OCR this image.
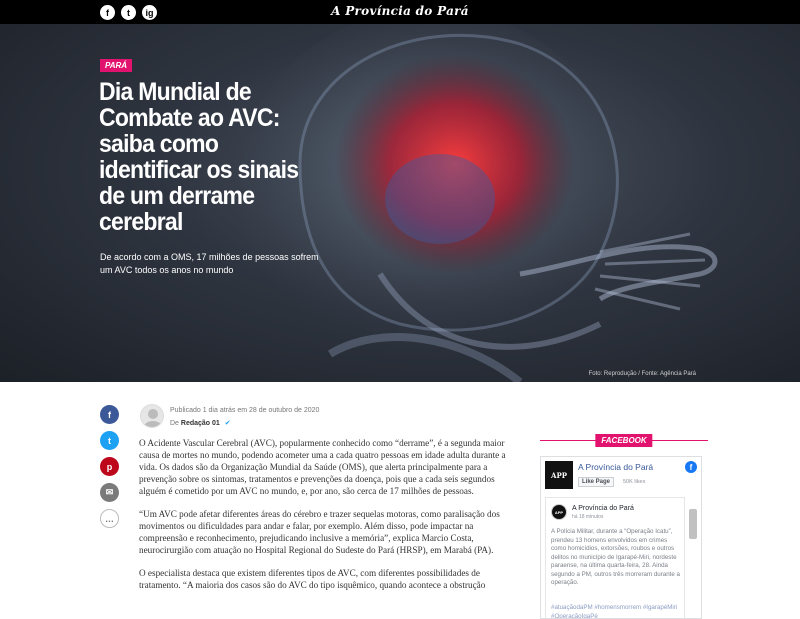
f	t	ig	A Província do Pará
PARÁ
Dia Mundial de Combate ao AVC: saiba como identificar os sinais de um derrame cerebral
De acordo com a OMS, 17 milhões de pessoas sofrem um AVC todos os anos no mundo
Foto: Reprodução / Fonte: Agência Pará
f
t
p
✉
…
Publicado 1 dia atrás em 28 de outubro de 2020
De Redação 01 ✔

O Acidente Vascular Cerebral (AVC), popularmente conhecido como “derrame”, é a segunda maior causa de mortes no mundo, podendo acometer uma a cada quatro pessoas em idade adulta durante a vida. Os dados são da Organização Mundial da Saúde (OMS), que alerta principalmente para a prevenção sobre os sintomas, tratamentos e prevenções da doença, pois que a cada seis segundos alguém é cometido por um AVC no mundo, e, por ano, são cerca de 17 milhões de pessoas.

“Um AVC pode afetar diferentes áreas do cérebro e trazer sequelas motoras, como paralisação dos movimentos ou dificuldades para andar e falar, por exemplo. Além disso, pode impactar na compreensão e reconhecimento, prejudicando inclusive a memória”, explica Marcio Costa, neurocirurgião com atuação no Hospital Regional do Sudeste do Pará (HRSP), em Marabá (PA).

O especialista destaca que existem diferentes tipos de AVC, com diferentes possibilidades de tratamento. “A maioria dos casos são do AVC do tipo isquêmico, quando acontece a obstrução

FACEBOOK
APP
A Província do Pará
Like Page	50K likes
f
APP	A Província do Pará
há 18 minutos
A Polícia Militar, durante a “Operação Icatu”, prendeu 13 homens envolvidos em crimes como homicídios, extorsões, roubos e outros delitos no município de Igarapé-Miri, nordeste paraense, na última quarta-feira, 28. Ainda segundo a PM, outros três morreram durante a operação.
#atuaçãodaPM #homensmorrem #IgarapéMiri #OperaçãoIgaPé
